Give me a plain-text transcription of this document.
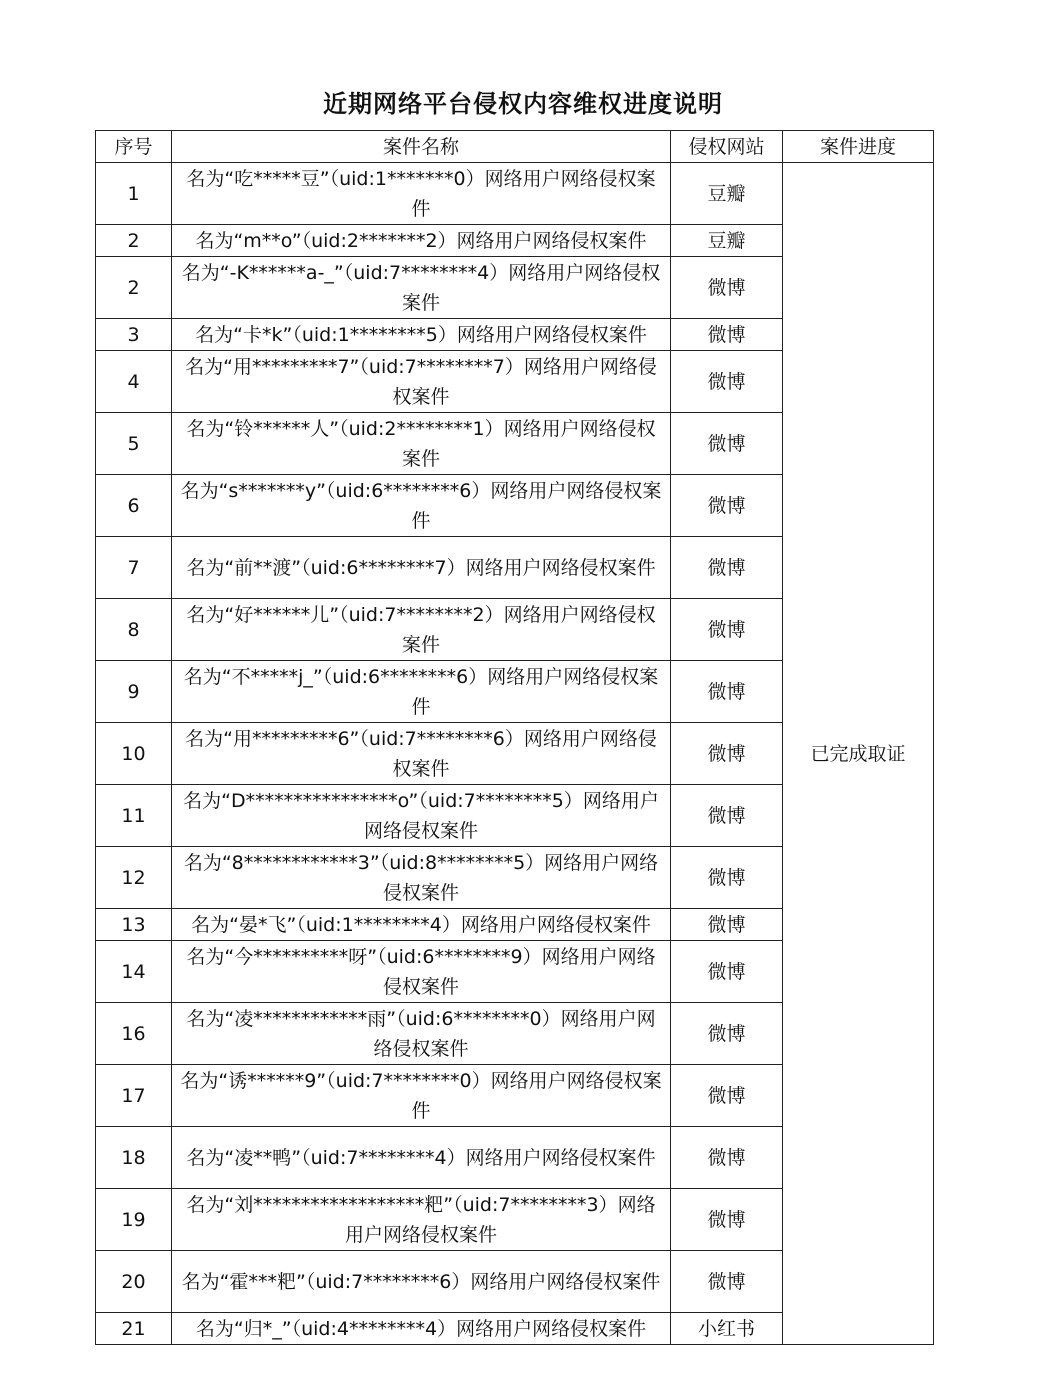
近期网络平台侵权内容维权进度说明
序号	案件名称	侵权网站	案件进度
1	名为“吃*****豆”（uid:1*******0）网络用户网络侵权案件	豆瓣	已完成取证
2	名为“m**o”（uid:2*******2）网络用户网络侵权案件	豆瓣	
2	名为“-K******a-_”（uid:7********4）网络用户网络侵权案件	微博	
3	名为“卡*k”（uid:1********5）网络用户网络侵权案件	微博	
4	名为“用*********7”（uid:7********7）网络用户网络侵权案件	微博	
5	名为“铃******人”（uid:2********1）网络用户网络侵权案件	微博	
6	名为“s*******y”（uid:6********6）网络用户网络侵权案件	微博	
7	名为“前**渡”（uid:6********7）网络用户网络侵权案件	微博	
8	名为“好******儿”（uid:7********2）网络用户网络侵权案件	微博	
9	名为“不*****j_”（uid:6********6）网络用户网络侵权案件	微博	
10	名为“用*********6”（uid:7********6）网络用户网络侵权案件	微博	
11	名为“D****************o”（uid:7********5）网络用户网络侵权案件	微博	
12	名为“8************3”（uid:8********5）网络用户网络侵权案件	微博	
13	名为“晏*飞”（uid:1********4）网络用户网络侵权案件	微博	
14	名为“今**********呀”（uid:6********9）网络用户网络侵权案件	微博	
16	名为“凌************雨”（uid:6********0）网络用户网络侵权案件	微博	
17	名为“诱******9”（uid:7********0）网络用户网络侵权案件	微博	
18	名为“凌**鸭”（uid:7********4）网络用户网络侵权案件	微博	
19	名为“刘******************粑”（uid:7********3）网络用户网络侵权案件	微博	
20	名为“霍***粑”（uid:7********6）网络用户网络侵权案件	微博	
21	名为“归*_”（uid:4********4）网络用户网络侵权案件	小红书	
